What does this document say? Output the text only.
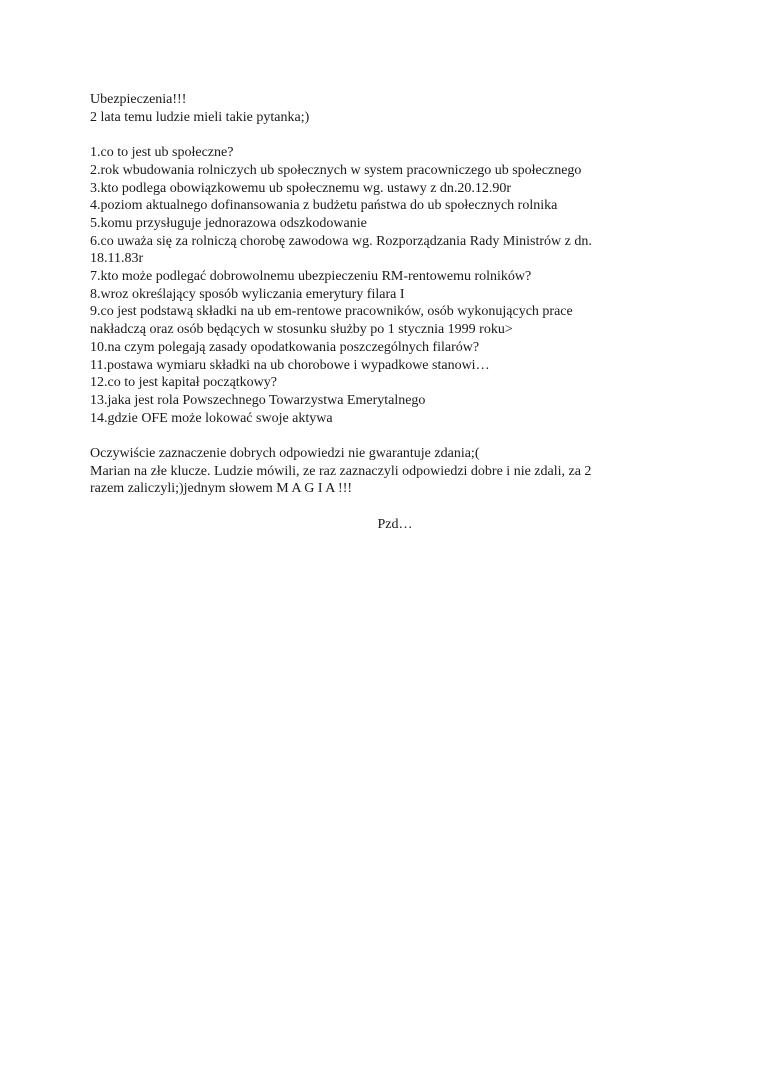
Ubezpieczenia!!!
2 lata temu ludzie mieli takie pytanka;)
1.co to jest ub społeczne?
2.rok wbudowania rolniczych ub społecznych w system pracowniczego ub społecznego
3.kto podlega obowiązkowemu ub społecznemu wg. ustawy z dn.20.12.90r
4.poziom aktualnego dofinansowania z budżetu państwa do ub społecznych rolnika
5.komu przysługuje jednorazowa odszkodowanie
6.co uważa się za rolniczą chorobę zawodowa wg. Rozporządzania Rady Ministrów z dn.
18.11.83r
7.kto może podlegać dobrowolnemu ubezpieczeniu RM-rentowemu rolników?
8.wroz określający sposób wyliczania emerytury filara I
9.co jest podstawą składki na ub em-rentowe pracowników, osób wykonujących prace
nakładczą oraz osób będących w stosunku służby po 1 stycznia 1999 roku>
10.na czym polegają zasady opodatkowania poszczególnych filarów?
11.postawa wymiaru składki na ub chorobowe i wypadkowe stanowi…
12.co to jest kapitał początkowy?
13.jaka jest rola Powszechnego Towarzystwa Emerytalnego
14.gdzie OFE może lokować swoje aktywa
Oczywiście zaznaczenie dobrych odpowiedzi nie gwarantuje zdania;(
Marian na złe klucze. Ludzie mówili, ze raz zaznaczyli odpowiedzi dobre i nie zdali, za 2
razem zaliczyli;)jednym słowem M A G I A !!!
Pzd…
